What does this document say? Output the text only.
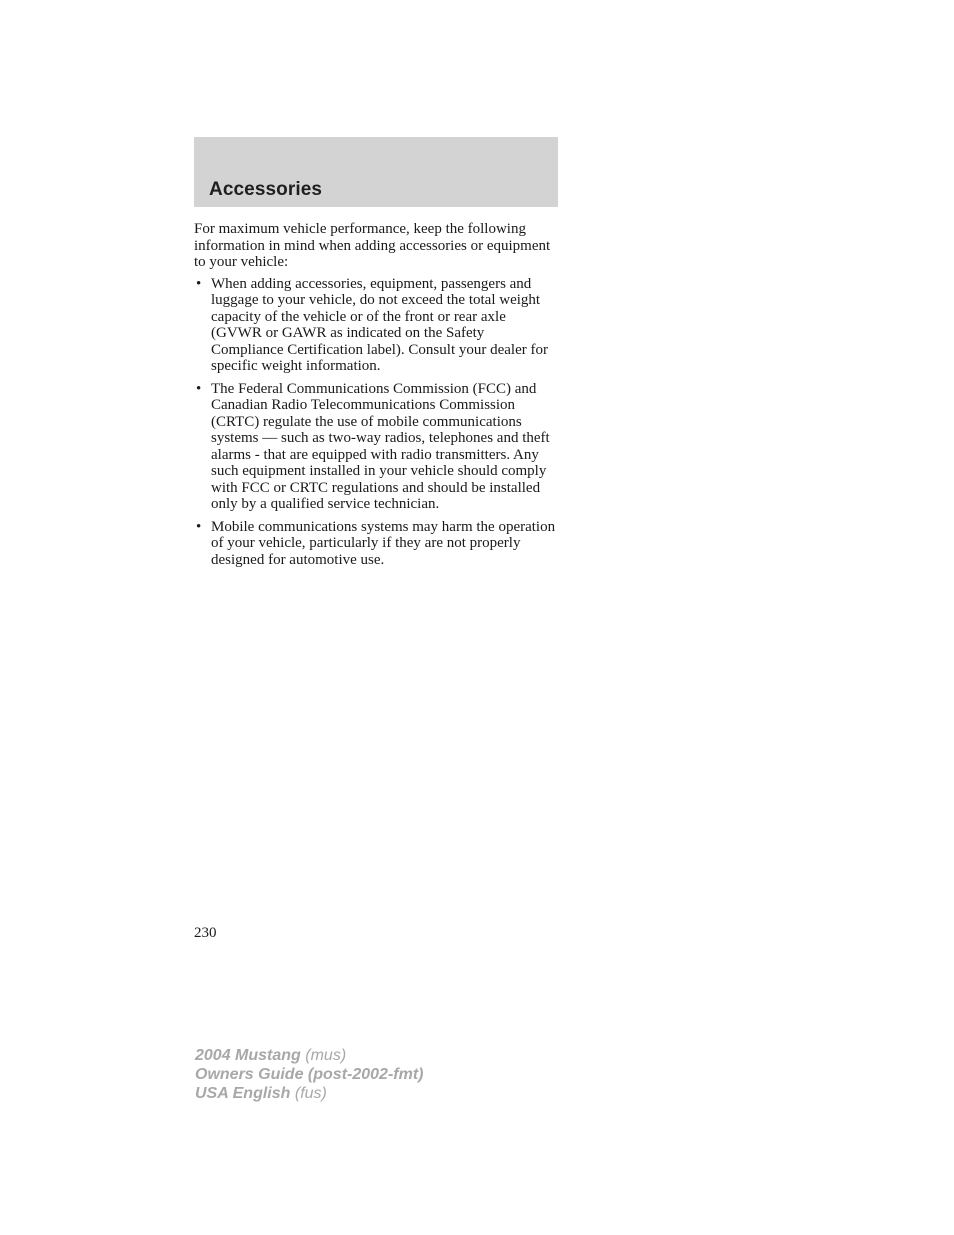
Accessories

For maximum vehicle performance, keep the following information in mind when adding accessories or equipment to your vehicle:

• When adding accessories, equipment, passengers and luggage to your vehicle, do not exceed the total weight capacity of the vehicle or of the front or rear axle (GVWR or GAWR as indicated on the Safety Compliance Certification label). Consult your dealer for specific weight information.
• The Federal Communications Commission (FCC) and Canadian Radio Telecommunications Commission (CRTC) regulate the use of mobile communications systems — such as two-way radios, telephones and theft alarms - that are equipped with radio transmitters. Any such equipment installed in your vehicle should comply with FCC or CRTC regulations and should be installed only by a qualified service technician.
• Mobile communications systems may harm the operation of your vehicle, particularly if they are not properly designed for automotive use.
230
2004 Mustang (mus)
Owners Guide (post-2002-fmt)
USA English (fus)
